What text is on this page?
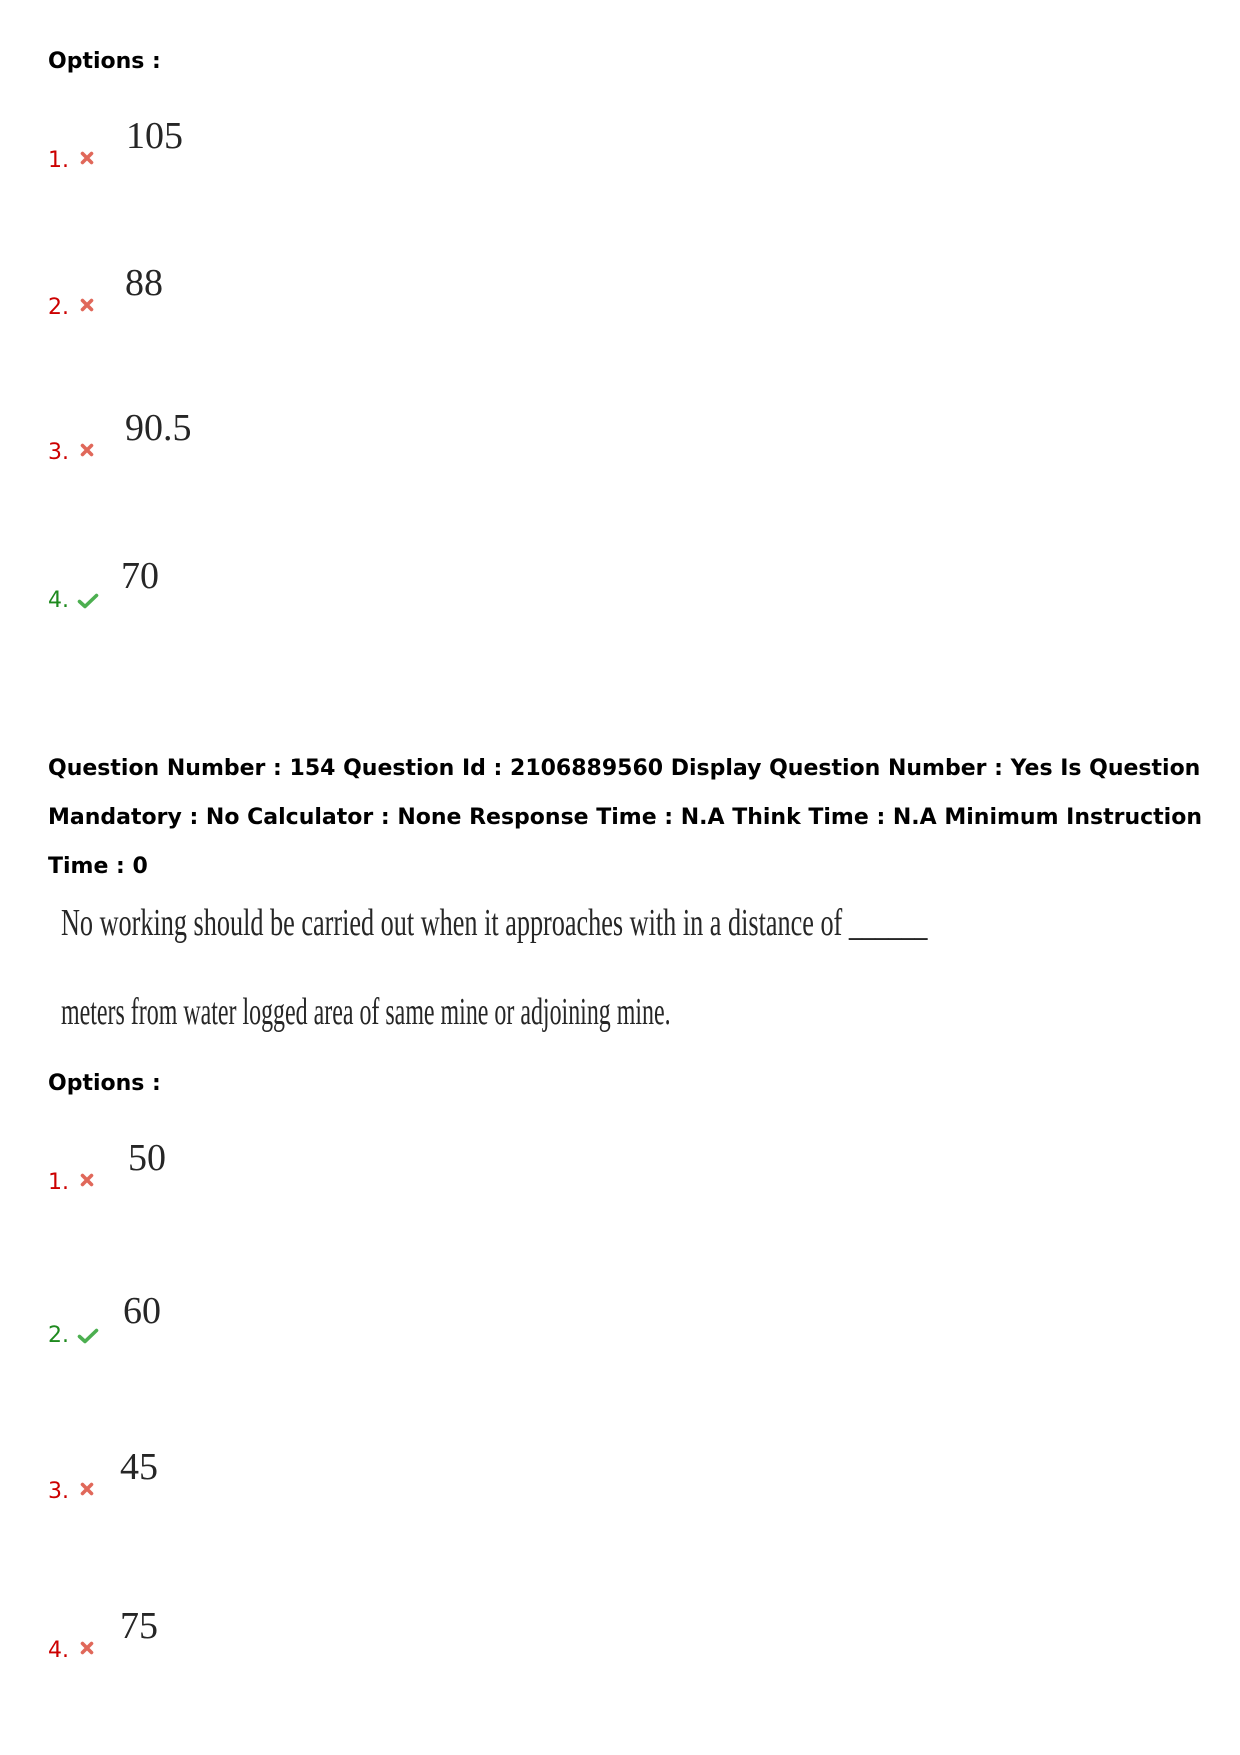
Options :
1.
105
2.
88
3.
90.5
4.
70
Question Number : 154 Question Id : 2106889560 Display Question Number : Yes Is Question
Mandatory : No Calculator : None Response Time : N.A Think Time : N.A Minimum Instruction
Time : 0
No working should be carried out when it approaches with in a distance of ______
meters from water logged area of same mine or adjoining mine.
Options :
1.
50
2.
60
3.
45
4.
75
